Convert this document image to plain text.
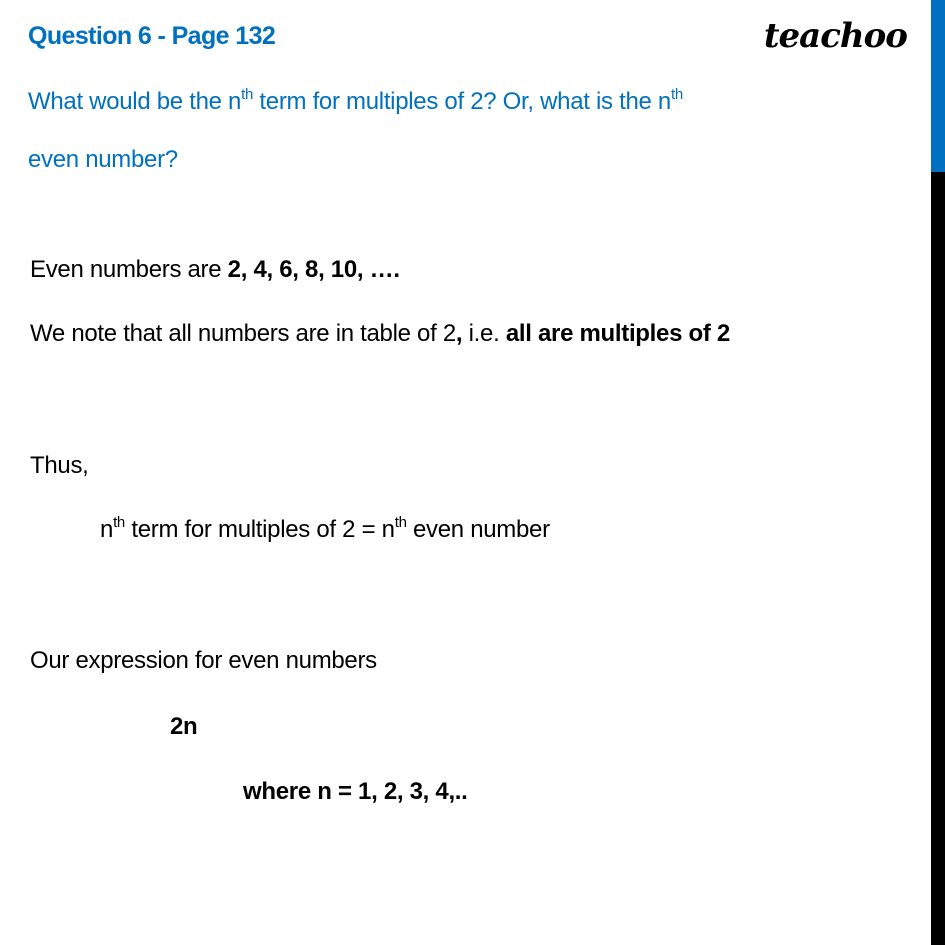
Question 6 - Page 132	teachoo
What would be the $n^{th}$ term for multiples of 2? Or, what is the $n^{th}$
even number?
Even numbers are 2, 4, 6, 8, 10, ….
We note that all numbers are in table of 2, i.e. all are multiples of 2
Thus,
$n^{th}$ term for multiples of $2 = n^{th}$ even number
Our expression for even numbers
2n
where n = 1, 2, 3, 4,..
